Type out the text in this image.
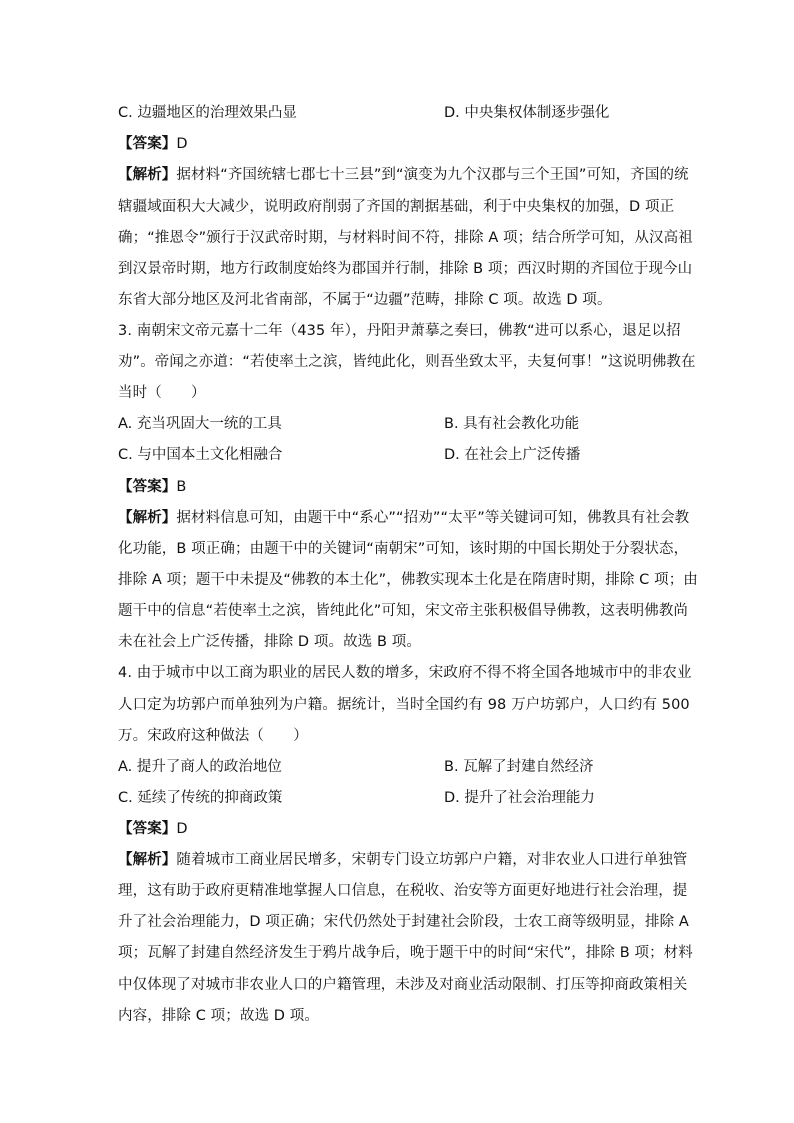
C. 边疆地区的治理效果凸显	D. 中央集权体制逐步强化
【答案】D
【解析】据材料“齐国统辖七郡七十三县”到“演变为九个汉郡与三个王国”可知，齐国的统
辖疆域面积大大减少，说明政府削弱了齐国的割据基础，利于中央集权的加强，D 项正
确；“推恩令”颁行于汉武帝时期，与材料时间不符，排除 A 项；结合所学可知，从汉高祖
到汉景帝时期，地方行政制度始终为郡国并行制，排除 B 项；西汉时期的齐国位于现今山
东省大部分地区及河北省南部，不属于“边疆”范畴，排除 C 项。故选 D 项。
3. 南朝宋文帝元嘉十二年（435 年），丹阳尹萧摹之奏曰，佛教“进可以系心，退足以招
劝”。帝闻之亦道：“若使率土之滨，皆纯此化，则吾坐致太平，夫复何事！”这说明佛教在
当时（　　）
A. 充当巩固大一统的工具	B. 具有社会教化功能
C. 与中国本土文化相融合	D. 在社会上广泛传播
【答案】B
【解析】据材料信息可知，由题干中“系心”“招劝”“太平”等关键词可知，佛教具有社会教
化功能，B 项正确；由题干中的关键词“南朝宋”可知，该时期的中国长期处于分裂状态，
排除 A 项；题干中未提及“佛教的本土化”，佛教实现本土化是在隋唐时期，排除 C 项；由
题干中的信息“若使率土之滨，皆纯此化”可知，宋文帝主张积极倡导佛教，这表明佛教尚
未在社会上广泛传播，排除 D 项。故选 B 项。
4. 由于城市中以工商为职业的居民人数的增多，宋政府不得不将全国各地城市中的非农业
人口定为坊郭户而单独列为户籍。据统计，当时全国约有 98 万户坊郭户，人口约有 500
万。宋政府这种做法（　　）
A. 提升了商人的政治地位	B. 瓦解了封建自然经济
C. 延续了传统的抑商政策	D. 提升了社会治理能力
【答案】D
【解析】随着城市工商业居民增多，宋朝专门设立坊郭户户籍，对非农业人口进行单独管
理，这有助于政府更精准地掌握人口信息，在税收、治安等方面更好地进行社会治理，提
升了社会治理能力，D 项正确；宋代仍然处于封建社会阶段，士农工商等级明显，排除 A
项；瓦解了封建自然经济发生于鸦片战争后，晚于题干中的时间“宋代”，排除 B 项；材料
中仅体现了对城市非农业人口的户籍管理，未涉及对商业活动限制、打压等抑商政策相关
内容，排除 C 项；故选 D 项。
